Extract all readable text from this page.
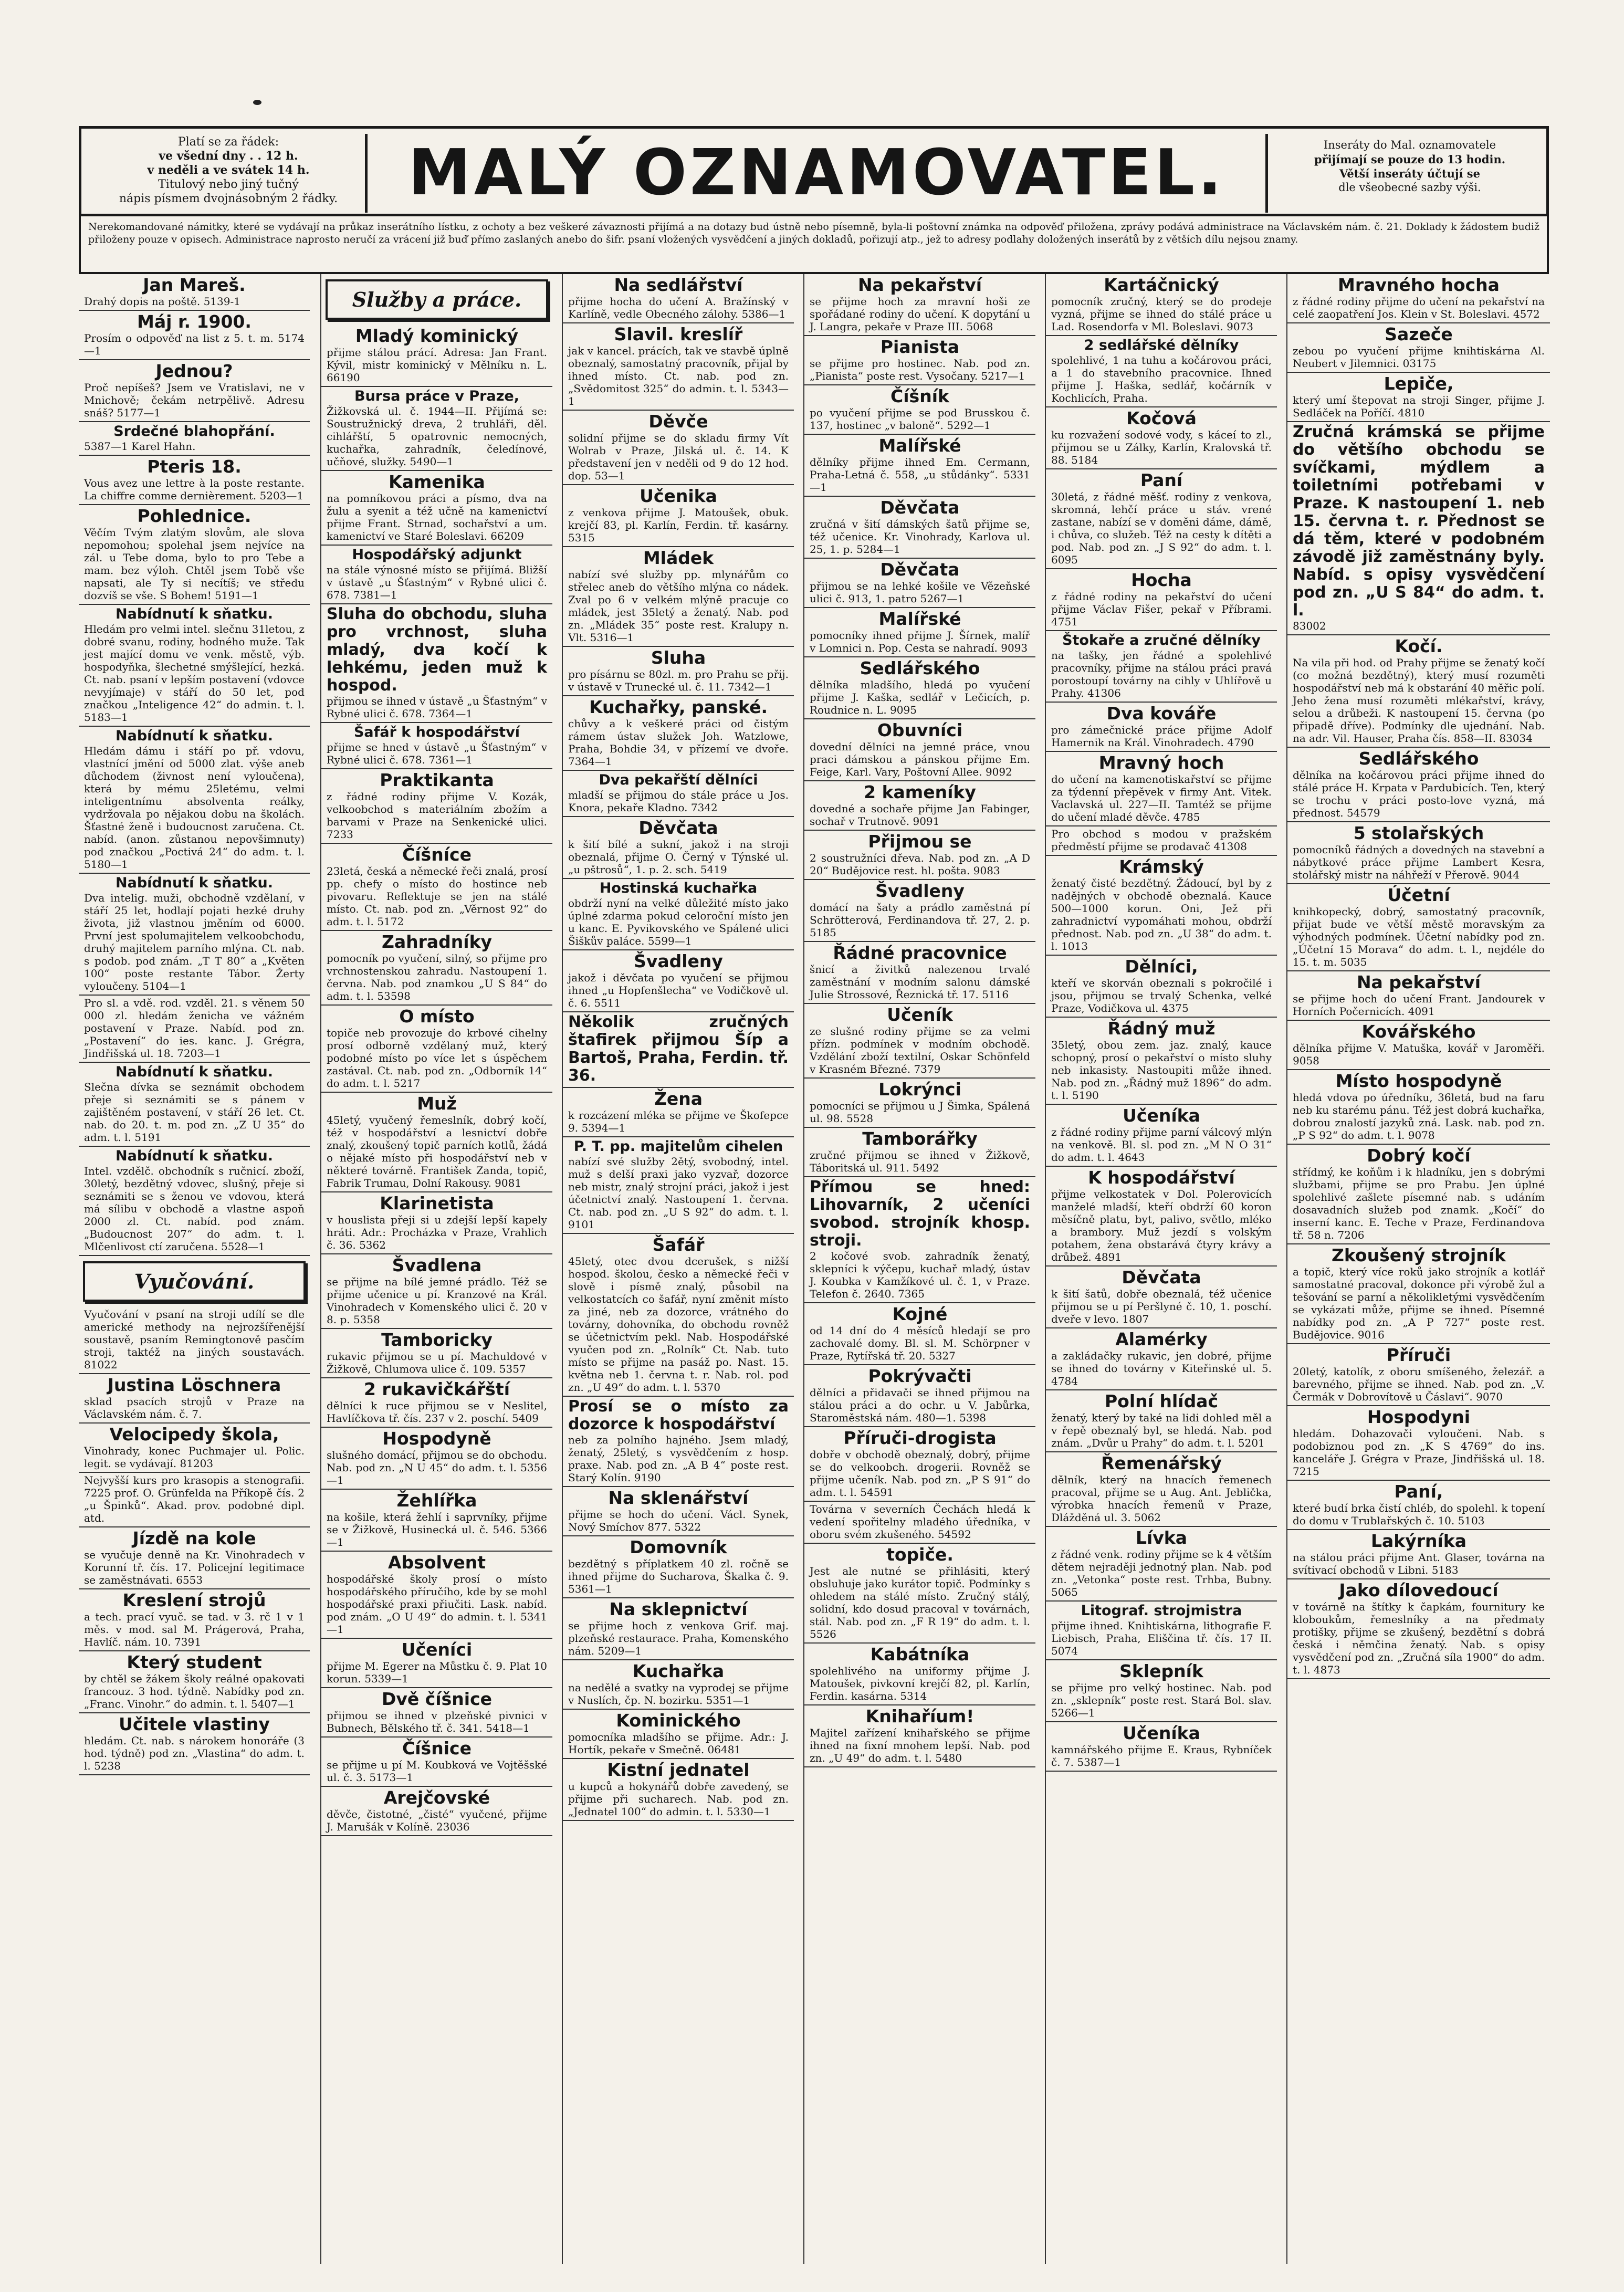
Platí se za řádek:
ve všední dny . . 12 h.
v neděli a ve svátek 14 h.
Titulový nebo jiný tučný
nápis písmem dvojnásobným 2 řádky.	MALÝ OZNAMOVATEL.	Inseráty do Mal. oznamovatele
přijímají se pouze do 13 hodin.
Větší inseráty účtují se
dle všeobecné sazby výši.
Nerekomandované námitky, které se vydávají na průkaz inserátního lístku, z ochoty a bez veškeré závaznosti přijímá a na dotazy bud ústně nebo písemně, byla-li poštovní známka na odpověď přiložena, zprávy podává administrace na Václavském nám. č. 21. Doklady k žádostem budiž přiloženy pouze v opisech. Administrace naprosto neručí za vrácení již buď přímo zaslaných anebo do šifr. psaní vložených vysvědčení a jiných dokladů, pořizují atp., jež to adresy podlahy doložených inserátů by z větších dílu nejsou znamy.
Jan Mareš.
Drahý dopis na poště. 5139-1
Máj r. 1900.
Prosím o odpověď na list z 5. t. m. 5174—1
Jednou?
Proč nepíšeš? Jsem ve Vratislavi, ne v Mnichově; čekám netrpělivě. Adresu snáš? 5177—1
Srdečné blahopřání.
5387—1 Karel Hahn.
Pteris 18.
Vous avez une lettre à la poste restante. La chiffre comme dernièrement. 5203—1
Pohlednice.
Věčím Tvým zlatým slovům, ale slova nepomohou; spolehal jsem nejvíce na zál. u Tebe doma, bylo to pro Tebe a mam. bez výloh. Chtěl jsem Tobě vše napsati, ale Ty si necítíš; ve středu dozvíš se vše. S Bohem! 5191—1
Nabídnutí k sňatku.
Hledám pro velmi intel. slečnu 31letou, z dobré svanu, rodiny, hodného muže. Tak jest mající domu ve venk. městě, výb. hospodyňka, šlechetné smýšlející, hezká. Ct. nab. psaní v lepším postavení (vdovce nevyjímaje) v stáří do 50 let, pod značkou „Inteligence 42“ do admin. t. l. 5183—1
Nabídnutí k sňatku.
Hledám dámu i stáří po př. vdovu, vlastnící jmění od 5000 zlat. výše aneb důchodem (živnost není vyloučena), která by mému 25letému, velmi inteligentnímu absolventa reálky, vydržovala po nějakou dobu na školách. Šťastné ženě i budoucnost zaručena. Ct. nabíd. (anon. zůstanou nepovšimnuty) pod značkou „Poctivá 24“ do adm. t. l. 5180—1
Nabídnutí k sňatku.
Dva intelig. muži, obchodně vzdělaní, v stáří 25 let, hodlají pojati hezké druhy života, již vlastnou jměním od 6000. První jest spolumajitelem velkoobchodu, druhý majitelem parního mlýna. Ct. nab. s podob. pod znám. „T T 80“ a „Květen 100“ poste restante Tábor. Žerty vyloučeny. 5104—1
Pro sl. a vdě. rod. vzděl. 21. s věnem 50 000 zl. hledám ženicha ve vážném postavení v Praze. Nabíd. pod zn. „Postavení“ do ies. kanc. J. Grégra, Jindřišská ul. 18. 7203—1
Nabídnutí k sňatku.
Slečna dívka se seznámit obchodem přeje si seznámiti se s pánem v zajištěném postavení, v stáří 26 let. Ct. nab. do 20. t. m. pod zn. „Z U 35“ do adm. t. l. 5191
Nabídnutí k sňatku.
Intel. vzdělč. obchodník s ručnicí. zboží, 30letý, bezdětný vdovec, slušný, přeje si seznámiti se s ženou ve vdovou, která má sílibu v obchodě a vlastne aspoň 2000 zl. Ct. nabíd. pod znám. „Budoucnost 207“ do adm. t. l. Mlčenlivost ctí zaručena. 5528—1
Vyučování.
Vyučování v psaní na stroji udílí se dle americké methody na nejrozšířenější soustavě, psaním Remingtonově pasčím stroji, taktéž na jiných soustavách. 81022
Justina Löschnera
sklad psacích strojů v Praze na Václavském nám. č. 7.
Velocipedy škola,
Vinohrady, konec Puchmajer ul. Polic. legit. se vydávají. 81203
Nejvyšší kurs pro krasopis a stenografii. 7225 prof. O. Grünfelda na Příkopě čís. 2 „u Špinků“. Akad. prov. podobné dipl. atd.
Jízdě na kole
se vyučuje denně na Kr. Vinohradech v Korunní tř. čís. 17. Policejní legitimace se zaměstnávati. 6553
Kreslení strojů
a tech. prací vyuč. se tad. v 3. rč 1 v 1 měs. v mod. sal M. Prágerová, Praha, Havlíč. nám. 10. 7391
Který student
by chtěl se žákem školy reálné opakovati francouz. 3 hod. týdně. Nabídky pod zn. „Franc. Vinohr.“ do admin. t. l. 5407—1
Učitele vlastiny
hledám. Ct. nab. s nárokem honoráře (3 hod. týdně) pod zn. „Vlastina“ do adm. t. l. 5238
Služby a práce.
Mladý kominický
přijme stálou prácí. Adresa: Jan Frant. Kývil, mistr kominický v Mělníku n. L. 66190
Bursa práce v Praze,
Žižkovská ul. č. 1944—II. Přijímá se: Soustružnický dreva, 2 truhláři, děl. cihlářští, 5 opatrovnic nemocných, kuchařka, zahradník, čeledínové, učňové, služky. 5490—1
Kamenika
na pomníkovou práci a písmo, dva na žulu a syenit a též učně na kamenictví přijme Frant. Strnad, sochařství a um. kamenictví ve Staré Boleslavi. 66209
Hospodářský adjunkt
na stále výnosné místo se přijímá. Bližší v ústavě „u Šťastným“ v Rybné ulici č. 678. 7381—1
Sluha do obchodu, sluha pro vrchnost, sluha mladý, dva kočí k lehkému, jeden muž k hospod.
přijmou se ihned v ústavě „u Šťastným“ v Rybné ulici č. 678. 7364—1
Šafář k hospodářství
přijme se hned v ústavě „u Šťastným“ v Rybné ulici č. 678. 7361—1
Praktikanta
z řádné rodiny přijme V. Kozák, velkoobchod s materiálním zbožím a barvami v Praze na Senkenické ulici. 7233
Číšníce
23letá, česká a německé řeči znalá, prosí pp. chefy o místo do hostince neb pivovaru. Reflektuje se jen na stálé místo. Ct. nab. pod zn. „Věrnost 92“ do adm. t. l. 5172
Zahradníky
pomocník po vyučení, silný, so přijme pro vrchnostenskou zahradu. Nastoupení 1. června. Nab. pod znamkou „U S 84“ do adm. t. l. 53598
O místo
topiče neb provozuje do krbové cihelny prosí odborně vzdělaný muž, který podobné místo po více let s úspěchem zastával. Ct. nab. pod zn. „Odborník 14“ do adm. t. l. 5217
Muž
45letý, vyučený řemeslník, dobrý kočí, též v hospodářství a lesnictví dobře znalý, zkoušený topič parních kotlů, žádá o nějaké místo při hospodářství neb v některé továrně. František Zanda, topič, Fabrik Trumau, Dolní Rakousy. 9081
Klarinetista
v houslista přeji si u zdejší lepší kapely hráti. Adr.: Procházka v Praze, Vrahlich č. 36. 5362
Švadlena
se přijme na bílé jemné prádlo. Též se přijme učenice u pí. Kranzové na Král. Vinohradech v Komenského ulici č. 20 v 8. p. 5358
Tamboricky
rukavic přijmou se u pí. Machuldové v Žižkově, Chlumova ulice č. 109. 5357
2 rukavičkářští
dělníci k ruce přijmou se v Neslitel, Havlíčkova tř. čís. 237 v 2. poschí. 5409
Hospodyně
slušného domácí, přijmou se do obchodu. Nab. pod zn. „N U 45“ do adm. t. l. 5356—1
Žehlířka
na košile, která žehlí i saprvníky, přijme se v Žižkově, Husinecká ul. č. 546. 5366—1
Absolvent
hospodářské školy prosí o místo hospodářského příručího, kde by se mohl hospodářské praxi přiučiti. Lask. nabíd. pod znám. „O U 49“ do admin. t. l. 5341—1
Učeníci
přijme M. Egerer na Můstku č. 9. Plat 10 korun. 5339—1
Dvě číšnice
přijmou se ihned v plzeňské pivnici v Bubnech, Bělského tř. č. 341. 5418—1
Číšnice
se přijme u pí M. Koubková ve Vojtěšské ul. č. 3. 5173—1
Arejčovské
děvče, čistotné, „čisté“ vyučené, přijme J. Marušák v Kolíně. 23036
Na sedlářství
přijme hocha do učení A. Bražínský v Karlíně, vedle Obecného zálohy. 5386—1
Slavil. kreslíř
jak v kancel. prácích, tak ve stavbě úplně obeznalý, samostatný pracovník, přijal by ihned místo. Ct. nab. pod zn. „Svědomitost 325“ do admin. t. l. 5343—1
Děvče
solidní přijme se do skladu firmy Vít Wolrab v Praze, Jilská ul. č. 14. K představení jen v neděli od 9 do 12 hod. dop. 53—1
Učenika
z venkova přijme J. Matoušek, obuk. krejčí 83, pl. Karlín, Ferdin. tř. kasárny. 5315
Mládek
nabízí své služby pp. mlynářům co střelec aneb do většího mlýna co nádek. Zval po 6 v velkém mlýně pracuje co mládek, jest 35letý a ženatý. Nab. pod zn. „Mládek 35“ poste rest. Kralupy n. Vlt. 5316—1
Sluha
pro písárnu se 80zl. m. pro Prahu se přij. v ústavě v Trunecké ul. č. 11. 7342—1
Kuchařky, panské.
chůvy a k veškeré práci od čistým rámem ústav služek Joh. Watzlowe, Praha, Bohdie 34, v přízemí ve dvoře. 7364—1
Dva pekařští dělníci
mladší se přijmou do stále práce u Jos. Knora, pekaře Kladno. 7342
Děvčata
k šití bílé a sukní, jakož i na stroji obeznalá, přijme O. Černý v Týnské ul. „u pštrosů“, 1. p. 2. sch. 5419
Hostinská kuchařka
obdrží nyní na velké důležité místo jako úplné zdarma pokud celoroční místo jen u kanc. E. Pyvikovského ve Spálené ulici Šiškův paláce. 5599—1
Švadleny
jakož i děvčata po vyučení se přijmou ihned „u Hopfenšlecha“ ve Vodičkově ul. č. 6. 5511
Několik zručných štafirek přijmou Šíp a Bartoš, Praha, Ferdin. tř. 36.
Žena
k rozcázení mléka se přijme ve Škofepce 9. 5394—1
P. T. pp. majitelům cihelen
nabízí své služby 2ětý, svobodný, intel. muž s delší praxi jako vyzvař, dozorce neb mistr, znalý strojní práci, jakož i jest účetnictví znalý. Nastoupení 1. června. Ct. nab. pod zn. „U S 92“ do adm. t. l. 9101
Šafář
45letý, otec dvou dcerušek, s nižší hospod. školou, česko a německé řeči v slově i písmě znalý, působil na velkostatcích co šafář, nyní změnit místo za jiné, neb za dozorce, vrátného do továrny, dohovníka, do obchodu rovněž se účetnictvím pekl. Nab. Hospodářské vyučen pod zn. „Rolník“ Ct. Nab. tuto místo se přijme na pasáž po. Nast. 15. května neb 1. června t. r. Nab. rol. pod zn. „U 49“ do adm. t. l. 5370
Prosí se o místo za dozorce k hospodářství
neb za polního hajného. Jsem mladý, ženatý, 25letý, s vysvědčením z hosp. praxe. Nab. pod zn. „A B 4“ poste rest. Starý Kolín. 9190
Na sklenářství
přijme se hoch do učení. Václ. Synek, Nový Smíchov 877. 5322
Domovník
bezdětný s příplatkem 40 zl. ročně se ihned přijme do Sucharova, Škalka č. 9. 5361—1
Na sklepnictví
se přijme hoch z venkova Grif. maj. plzeňské restaurace. Praha, Komenského nám. 5209—1
Kuchařka
na nedělé a svatky na vyprodej se přijme v Nuslích, čp. N. bozirku. 5351—1
Kominického
pomocníka mladšího se přijme. Adr.: J. Hortík, pekaře v Smečně. 06481
Kistní jednatel
u kupců a hokynářů dobře zavedený, se přijme při sucharech. Nab. pod zn. „Jednatel 100“ do admin. t. l. 5330—1
Na pekařství
se přijme hoch za mravní hoši ze spořádané rodiny do učení. K dopytání u J. Langra, pekaře v Praze III. 5068
Pianista
se přijme pro hostinec. Nab. pod zn. „Pianista“ poste rest. Vysočany. 5217—1
Číšník
po vyučení přijme se pod Brusskou č. 137, hostinec „v baloně“. 5292—1
Malířské
dělníky přijme ihned Em. Cermann, Praha-Letná č. 558, „u stůdánky“. 5331—1
Děvčata
zručná v šití dámských šatů přijme se, též učenice. Kr. Vinohrady, Karlova ul. 25, 1. p. 5284—1
Děvčata
přijmou se na lehké košile ve Vězeňské ulici č. 913, 1. patro 5267—1
Malířské
pomocníky ihned přijme J. Šírnek, malíř v Lomnici n. Pop. Cesta se nahradí. 9093
Sedlářského
dělníka mladšího, hledá po vyučení přijme J. Kaška, sedlář v Lečicích, p. Roudnice n. L. 9095
Obuvníci
dovední dělníci na jemné práce, vnou praci dámskou a pánskou přijme Em. Feige, Karl. Vary, Poštovní Allee. 9092
2 kameníky
dovedné a sochaře přijme Jan Fabinger, sochař v Trutnově. 9091
Přijmou se
2 soustružníci dřeva. Nab. pod zn. „A D 20“ Budějovice rest. hl. pošta. 9083
Švadleny
domácí na šaty a prádlo zaměstná pí Schrötterová, Ferdinandova tř. 27, 2. p. 5185
Řádné pracovnice
šnicí a živitků nalezenou trvalé zaměstnání v modním salonu dámské Julie Strossové, Řeznická tř. 17. 5116
Učeník
ze slušné rodiny přijme se za velmi přízn. podmínek v modním obchodě. Vzdělání zboží textilní, Oskar Schönfeld v Krasném Březné. 7379
Lokrýnci
pomocníci se přijmou u J Šimka, Spálená ul. 98. 5528
Tamborářky
zručné přijmou se ihned v Žižkově, Táboritská ul. 911. 5492
Přímou se hned: Lihovarník, 2 učeníci svobod. strojník khosp. stroji.
2 kočové svob. zahradník ženatý, sklepníci k výčepu, kuchař mladý, ústav J. Koubka v Kamžíkové ul. č. 1, v Praze. Telefon č. 2640. 7365
Kojné
od 14 dní do 4 měsíců hledají se pro zachovalé domy. Bl. sl. M. Schörpner v Praze, Rytířská tř. 20. 5327
Pokrývačti
dělníci a přidavači se ihned přijmou na stálou práci a do ochr. u V. Jabůrka, Staroměstská nám. 480—1. 5398
Příruči-drogista
dobře v obchodě obeznalý, dobrý, přijme se do velkoobch. drogerii. Rovněž se přijme učeník. Nab. pod zn. „P S 91“ do adm. t. l. 54591
Továrna v severních Čechách hledá k vedení spořitelny mladého úředníka, v oboru svém zkušeného. 54592
topiče.
Jest ale nutné se přihlásiti, který obsluhuje jako kurátor topič. Podmínky s ohledem na stálé místo. Zručný stálý, solidní, kdo dosud pracoval v továrnách, stál. Nab. pod zn. „F R 19“ do adm. t. l. 5526
Kabátníka
spolehlivého na uniformy přijme J. Matoušek, pivkovní krejčí 82, pl. Karlín, Ferdin. kasárna. 5314
Knihaříum!
Majitel zařízení knihařského se přijme ihned na fixní mnohem lepší. Nab. pod zn. „U 49“ do adm. t. l. 5480
Kartáčnický
pomocník zručný, který se do prodeje vyzná, přijme se ihned do stálé práce u Lad. Rosendorfa v Ml. Boleslavi. 9073
2 sedlářské dělníky
spolehlivé, 1 na tuhu a kočárovou práci, a 1 do stavebního pracovnice. Ihned přijme J. Haška, sedlář, kočárník v Kochlicích, Praha.
Kočová
ku rozvažení sodové vody, s káceí to zl., přijmou se u Zálky, Karlín, Kralovská tř. 88. 5184
Paní
30letá, z řádné měšť. rodiny z venkova, skromná, lehčí práce u stáv. vrené zastane, nabízí se v doměni dáme, dámě, i chůva, co služeb. Též na cesty k dítěti a pod. Nab. pod zn. „J S 92“ do adm. t. l. 6095
Hocha
z řádné rodiny na pekařství do učení přijme Václav Fišer, pekař v Příbrami. 4751
Štokaře a zručné dělníky
na tašky, jen řádné a spolehlivé pracovníky, přijme na stálou práci pravá porostoupí továrny na cihly v Uhlířově u Prahy. 41306
Dva kováře
pro zámečnické práce přijme Adolf Hamernik na Král. Vinohradech. 4790
Mravný hoch
do učení na kamenotiskařství se přijme za týdenní přepěvek v firmy Ant. Vitek. Vaclavská ul. 227—II. Tamtéž se přijme do učení mladé děvče. 4785
Pro obchod s modou v pražském předměstí přijme se prodavač 41308
Krámský
ženatý čisté bezdětný. Žádoucí, byl by z nadějných v obchodě obeznalá. Kauce 500—1000 korun. Oni, Jež při zahradnictví vypomáhati mohou, obdrží přednost. Nab. pod zn. „U 38“ do adm. t. l. 1013
Dělníci,
kteří ve skorván obeznali s pokročilé i jsou, přijmou se trvalý Schenka, velké Praze, Vodičkova ul. 4375
Řádný muž
35letý, obou zem. jaz. znalý, kauce schopný, prosí o pekařství o místo sluhy neb inkasisty. Nastoupiti může ihned. Nab. pod zn. „Řádný muž 1896“ do adm. t. l. 5190
Učeníka
z řádné rodiny přijme parní válcový mlýn na venkově. Bl. sl. pod zn. „M N O 31“ do adm. t. l. 4643
K hospodářství
přijme velkostatek v Dol. Polerovicích manželé mladší, kteří obdrží 60 koron měsíčně platu, byt, palivo, světlo, mléko a brambory. Muž jezdí s volským potahem, žena obstarává čtyry krávy a drůbež. 4891
Děvčata
k šití šatů, dobře obeznalá, též učenice přijmou se u pí Peršlyné č. 10, 1. poschí. dveře v levo. 1807
Alamérky
a zakládačky rukavic, jen dobré, přijme se ihned do továrny v Kiteřinské ul. 5. 4784
Polní hlídač
ženatý, který by také na lidi dohled měl a v řepě obeznalý byl, se hledá. Nab. pod znám. „Dvůr u Prahy“ do adm. t. l. 5201
Řemenářský
dělník, který na hnacích řemenech pracoval, přijme se u Aug. Ant. Jeblička, výrobka hnacích řemenů v Praze, Dlážděná ul. 3. 5062
Lívka
z řádné venk. rodiny přijme se k 4 větším dětem nejraději jednotný plan. Nab. pod zn. „Vetonka“ poste rest. Trhba, Bubny. 5065
Litograf. strojmistra
přijme ihned. Knihtiskárna, lithografie F. Liebisch, Praha, Eliščina tř. čís. 17 II. 5074
Sklepník
se přijme pro velký hostinec. Nab. pod zn. „sklepník“ poste rest. Stará Bol. slav. 5266—1
Učeníka
kamnářského přijme E. Kraus, Rybníček č. 7. 5387—1
Mravného hocha
z řádné rodiny přijme do učení na pekařství na celé zaopatření Jos. Klein v St. Boleslavi. 4572
Sazeče
zebou po vyučení přijme knihtiskárna Al. Neubert v Jilemnici. 03175
Lepiče,
který umí štepovat na stroji Singer, přijme J. Sedláček na Poříčí. 4810
Zručná krámská se přijme do většího obchodu se svíčkami, mýdlem a toiletními potřebami v Praze. K nastoupení 1. neb 15. června t. r. Přednost se dá těm, které v podobném závodě již zaměstnány byly. Nabíd. s opisy vysvědčení pod zn. „U S 84“ do adm. t. l.
83002
Kočí.
Na vila při hod. od Prahy přijme se ženatý kočí (co možná bezdětný), který musí rozuměti hospodářství neb má k obstarání 40 měřic polí. Jeho žena musí rozuměti mlékařství, krávy, selou a drůbeži. K nastoupení 15. června (po připadě dříve). Podmínky dle ujednání. Nab. na adr. Vil. Hauser, Praha čís. 858—II. 83034
Sedlářského
dělníka na kočárovou práci přijme ihned do stálé práce H. Krpata v Pardubicích. Ten, který se trochu v práci posto-love vyzná, má přednost. 54579
5 stolařských
pomocníků řádných a dovedných na stavební a nábytkové práce přijme Lambert Kesra, stolářský mistr na náhřeží v Přerově. 9044
Účetní
knihkopecký, dobrý, samostatný pracovník, přijat bude ve větší městě moravským za výhodných podmínek. Účetní nabídky pod zn. „Účetní 15 Morava“ do adm. t. l., nejdéle do 15. t. m. 5035
Na pekařství
se přijme hoch do učení Frant. Jandourek v Horních Počernicích. 4091
Kovářského
dělníka přijme V. Matuška, kovář v Jaroměři. 9058
Místo hospodyně
hledá vdova po úředníku, 36letá, bud na faru neb ku starému pánu. Též jest dobrá kuchařka, dobrou znalostí jazyků zná. Lask. nab. pod zn. „P S 92“ do adm. t. l. 9078
Dobrý kočí
střídmý, ke koňům i k hladníku, jen s dobrými službami, přijme se pro Prabu. Jen úplné spolehlivé zašlete písemné nab. s udáním dosavadních služeb pod znamk. „Kočí“ do inserní kanc. E. Teche v Praze, Ferdinandova tř. 58 n. 7206
Zkoušený strojník
a topič, který více roků jako strojník a kotlář samostatné pracoval, dokonce při výrobě žul a tešování se parní a několikletými vysvědčením se vykázati může, přijme se ihned. Písemné nabídky pod zn. „A P 727“ poste rest. Budějovice. 9016
Příruči
20letý, katolík, z oboru smíšeného, železář. a barevného, přijme se ihned. Nab. pod zn. „V. Čermák v Dobrovítově u Čáslavi“. 9070
Hospodyni
hledám. Dohazovači vyloučeni. Nab. s podobiznou pod zn. „K S 4769“ do ins. kanceláře J. Grégra v Praze, Jindřišská ul. 18. 7215
Paní,
které budí brka čistí chléb, do spolehl. k topení do domu v Trublařských č. 10. 5103
Lakýrníka
na stálou práci přijme Ant. Glaser, továrna na svítivací obchodů v Libni. 5183
Jako dílovedoucí
v továrně na štítky k čapkám, fournitury ke kloboukům, řemeslníky a na předmaty protišky, přijme se zkušený, bezdětní s dobrá česká i němčina ženatý. Nab. s opisy vysvědčení pod zn. „Zručná síla 1900“ do adm. t. l. 4873
